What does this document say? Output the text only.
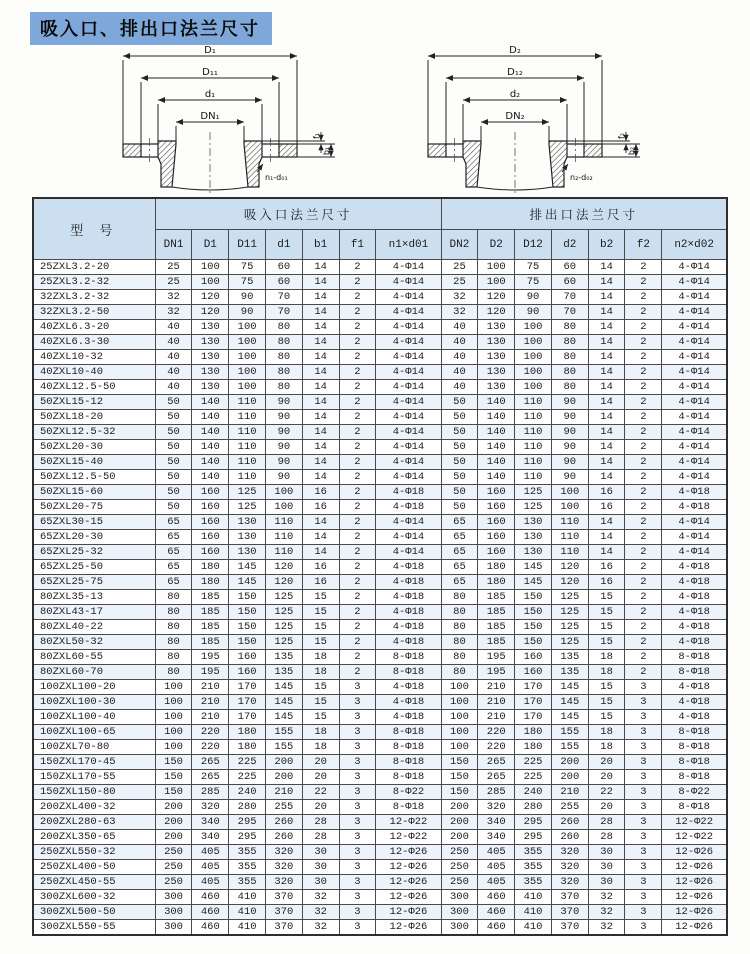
吸入口、排出口法兰尺寸
D₁
D₁₁
d₁
DN₁
f₁
b₁
n₁-d₀₁
D₂
D₁₂
d₂
DN₂
f₂
b₂
n₂-d₀₂
型 号	吸入口法兰尺寸							排出口法兰尺寸						
	DN1	D1	D11	d1	b1	f1	n1×d01	DN2	D2	D12	d2	b2	f2	n2×d02
25ZXL3.2-20	25	100	75	60	14	2	4-Φ14	25	100	75	60	14	2	4-Φ14
25ZXL3.2-32	25	100	75	60	14	2	4-Φ14	25	100	75	60	14	2	4-Φ14
32ZXL3.2-32	32	120	90	70	14	2	4-Φ14	32	120	90	70	14	2	4-Φ14
32ZXL3.2-50	32	120	90	70	14	2	4-Φ14	32	120	90	70	14	2	4-Φ14
40ZXL6.3-20	40	130	100	80	14	2	4-Φ14	40	130	100	80	14	2	4-Φ14
40ZXL6.3-30	40	130	100	80	14	2	4-Φ14	40	130	100	80	14	2	4-Φ14
40ZXL10-32	40	130	100	80	14	2	4-Φ14	40	130	100	80	14	2	4-Φ14
40ZXL10-40	40	130	100	80	14	2	4-Φ14	40	130	100	80	14	2	4-Φ14
40ZXL12.5-50	40	130	100	80	14	2	4-Φ14	40	130	100	80	14	2	4-Φ14
50ZXL15-12	50	140	110	90	14	2	4-Φ14	50	140	110	90	14	2	4-Φ14
50ZXL18-20	50	140	110	90	14	2	4-Φ14	50	140	110	90	14	2	4-Φ14
50ZXL12.5-32	50	140	110	90	14	2	4-Φ14	50	140	110	90	14	2	4-Φ14
50ZXL20-30	50	140	110	90	14	2	4-Φ14	50	140	110	90	14	2	4-Φ14
50ZXL15-40	50	140	110	90	14	2	4-Φ14	50	140	110	90	14	2	4-Φ14
50ZXL12.5-50	50	140	110	90	14	2	4-Φ14	50	140	110	90	14	2	4-Φ14
50ZXL15-60	50	160	125	100	16	2	4-Φ18	50	160	125	100	16	2	4-Φ18
50ZXL20-75	50	160	125	100	16	2	4-Φ18	50	160	125	100	16	2	4-Φ18
65ZXL30-15	65	160	130	110	14	2	4-Φ14	65	160	130	110	14	2	4-Φ14
65ZXL20-30	65	160	130	110	14	2	4-Φ14	65	160	130	110	14	2	4-Φ14
65ZXL25-32	65	160	130	110	14	2	4-Φ14	65	160	130	110	14	2	4-Φ14
65ZXL25-50	65	180	145	120	16	2	4-Φ18	65	180	145	120	16	2	4-Φ18
65ZXL25-75	65	180	145	120	16	2	4-Φ18	65	180	145	120	16	2	4-Φ18
80ZXL35-13	80	185	150	125	15	2	4-Φ18	80	185	150	125	15	2	4-Φ18
80ZXL43-17	80	185	150	125	15	2	4-Φ18	80	185	150	125	15	2	4-Φ18
80ZXL40-22	80	185	150	125	15	2	4-Φ18	80	185	150	125	15	2	4-Φ18
80ZXL50-32	80	185	150	125	15	2	4-Φ18	80	185	150	125	15	2	4-Φ18
80ZXL60-55	80	195	160	135	18	2	8-Φ18	80	195	160	135	18	2	8-Φ18
80ZXL60-70	80	195	160	135	18	2	8-Φ18	80	195	160	135	18	2	8-Φ18
100ZXL100-20	100	210	170	145	15	3	4-Φ18	100	210	170	145	15	3	4-Φ18
100ZXL100-30	100	210	170	145	15	3	4-Φ18	100	210	170	145	15	3	4-Φ18
100ZXL100-40	100	210	170	145	15	3	4-Φ18	100	210	170	145	15	3	4-Φ18
100ZXL100-65	100	220	180	155	18	3	8-Φ18	100	220	180	155	18	3	8-Φ18
100ZXL70-80	100	220	180	155	18	3	8-Φ18	100	220	180	155	18	3	8-Φ18
150ZXL170-45	150	265	225	200	20	3	8-Φ18	150	265	225	200	20	3	8-Φ18
150ZXL170-55	150	265	225	200	20	3	8-Φ18	150	265	225	200	20	3	8-Φ18
150ZXL150-80	150	285	240	210	22	3	8-Φ22	150	285	240	210	22	3	8-Φ22
200ZXL400-32	200	320	280	255	20	3	8-Φ18	200	320	280	255	20	3	8-Φ18
200ZXL280-63	200	340	295	260	28	3	12-Φ22	200	340	295	260	28	3	12-Φ22
200ZXL350-65	200	340	295	260	28	3	12-Φ22	200	340	295	260	28	3	12-Φ22
250ZXL550-32	250	405	355	320	30	3	12-Φ26	250	405	355	320	30	3	12-Φ26
250ZXL400-50	250	405	355	320	30	3	12-Φ26	250	405	355	320	30	3	12-Φ26
250ZXL450-55	250	405	355	320	30	3	12-Φ26	250	405	355	320	30	3	12-Φ26
300ZXL600-32	300	460	410	370	32	3	12-Φ26	300	460	410	370	32	3	12-Φ26
300ZXL500-50	300	460	410	370	32	3	12-Φ26	300	460	410	370	32	3	12-Φ26
300ZXL550-55	300	460	410	370	32	3	12-Φ26	300	460	410	370	32	3	12-Φ26
